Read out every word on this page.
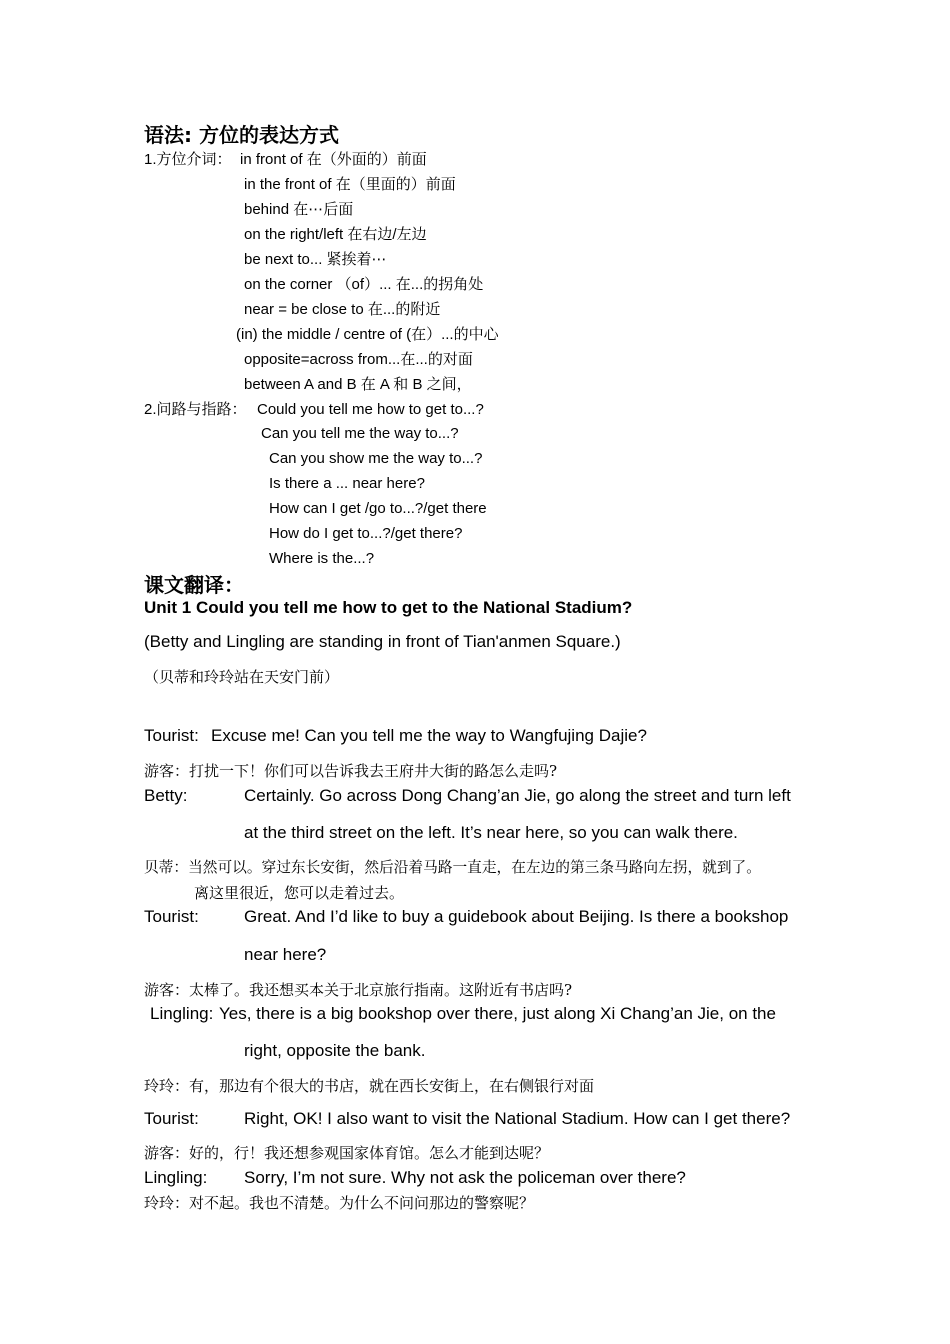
语法: 方位的表达方式
1.方位介词： in front of 在（外面的）前面
in the front of 在（里面的）前面
behind 在⋯后面
on the right/left 在右边/左边
be next to... 紧挨着⋯
on the corner （of）... 在...的拐角处
near = be close to 在...的附近
(in) the middle / centre of (在）...的中心
opposite=across from...在...的对面
between A and B 在 A 和 B 之间，
2.问路与指路： Could you tell me how to get to...?
Can you tell me the way to...?
Can you show me the way to...?
Is there a ... near here?
How can I get /go to...?/get there
How do I get to...?/get there?
Where is the...?
课文翻译：
Unit 1 Could you tell me how to get to the National Stadium?
(Betty and Lingling are standing in front of Tian'anmen Square.)
（贝蒂和玲玲站在天安门前）
Tourist: Excuse me! Can you tell me the way to Wangfujing Dajie?
游客：打扰一下！你们可以告诉我去王府井大街的路怎么走吗?
Betty:	Certainly. Go across Dong Chang’an Jie, go along the street and turn left
at the third street on the left. It’s near here, so you can walk there.
贝蒂：当然可以。穿过东长安街，然后沿着马路一直走，在左边的第三条马路向左拐，就到了。
离这里很近，您可以走着过去。
Tourist:	Great. And I’d like to buy a guidebook about Beijing. Is there a bookshop
near here?
游客：太棒了。我还想买本关于北京旅行指南。这附近有书店吗?
Lingling: Yes, there is a big bookshop over there, just along Xi Chang’an Jie, on the
right, opposite the bank.
玲玲：有，那边有个很大的书店，就在西长安街上，在右侧银行对面
Tourist:	Right, OK! I also want to visit the National Stadium. How can I get there?
游客：好的，行！我还想参观国家体育馆。怎么才能到达呢？
Lingling: Sorry, I’m not sure. Why not ask the policeman over there?
玲玲：对不起。我也不清楚。为什么不问问那边的警察呢？
